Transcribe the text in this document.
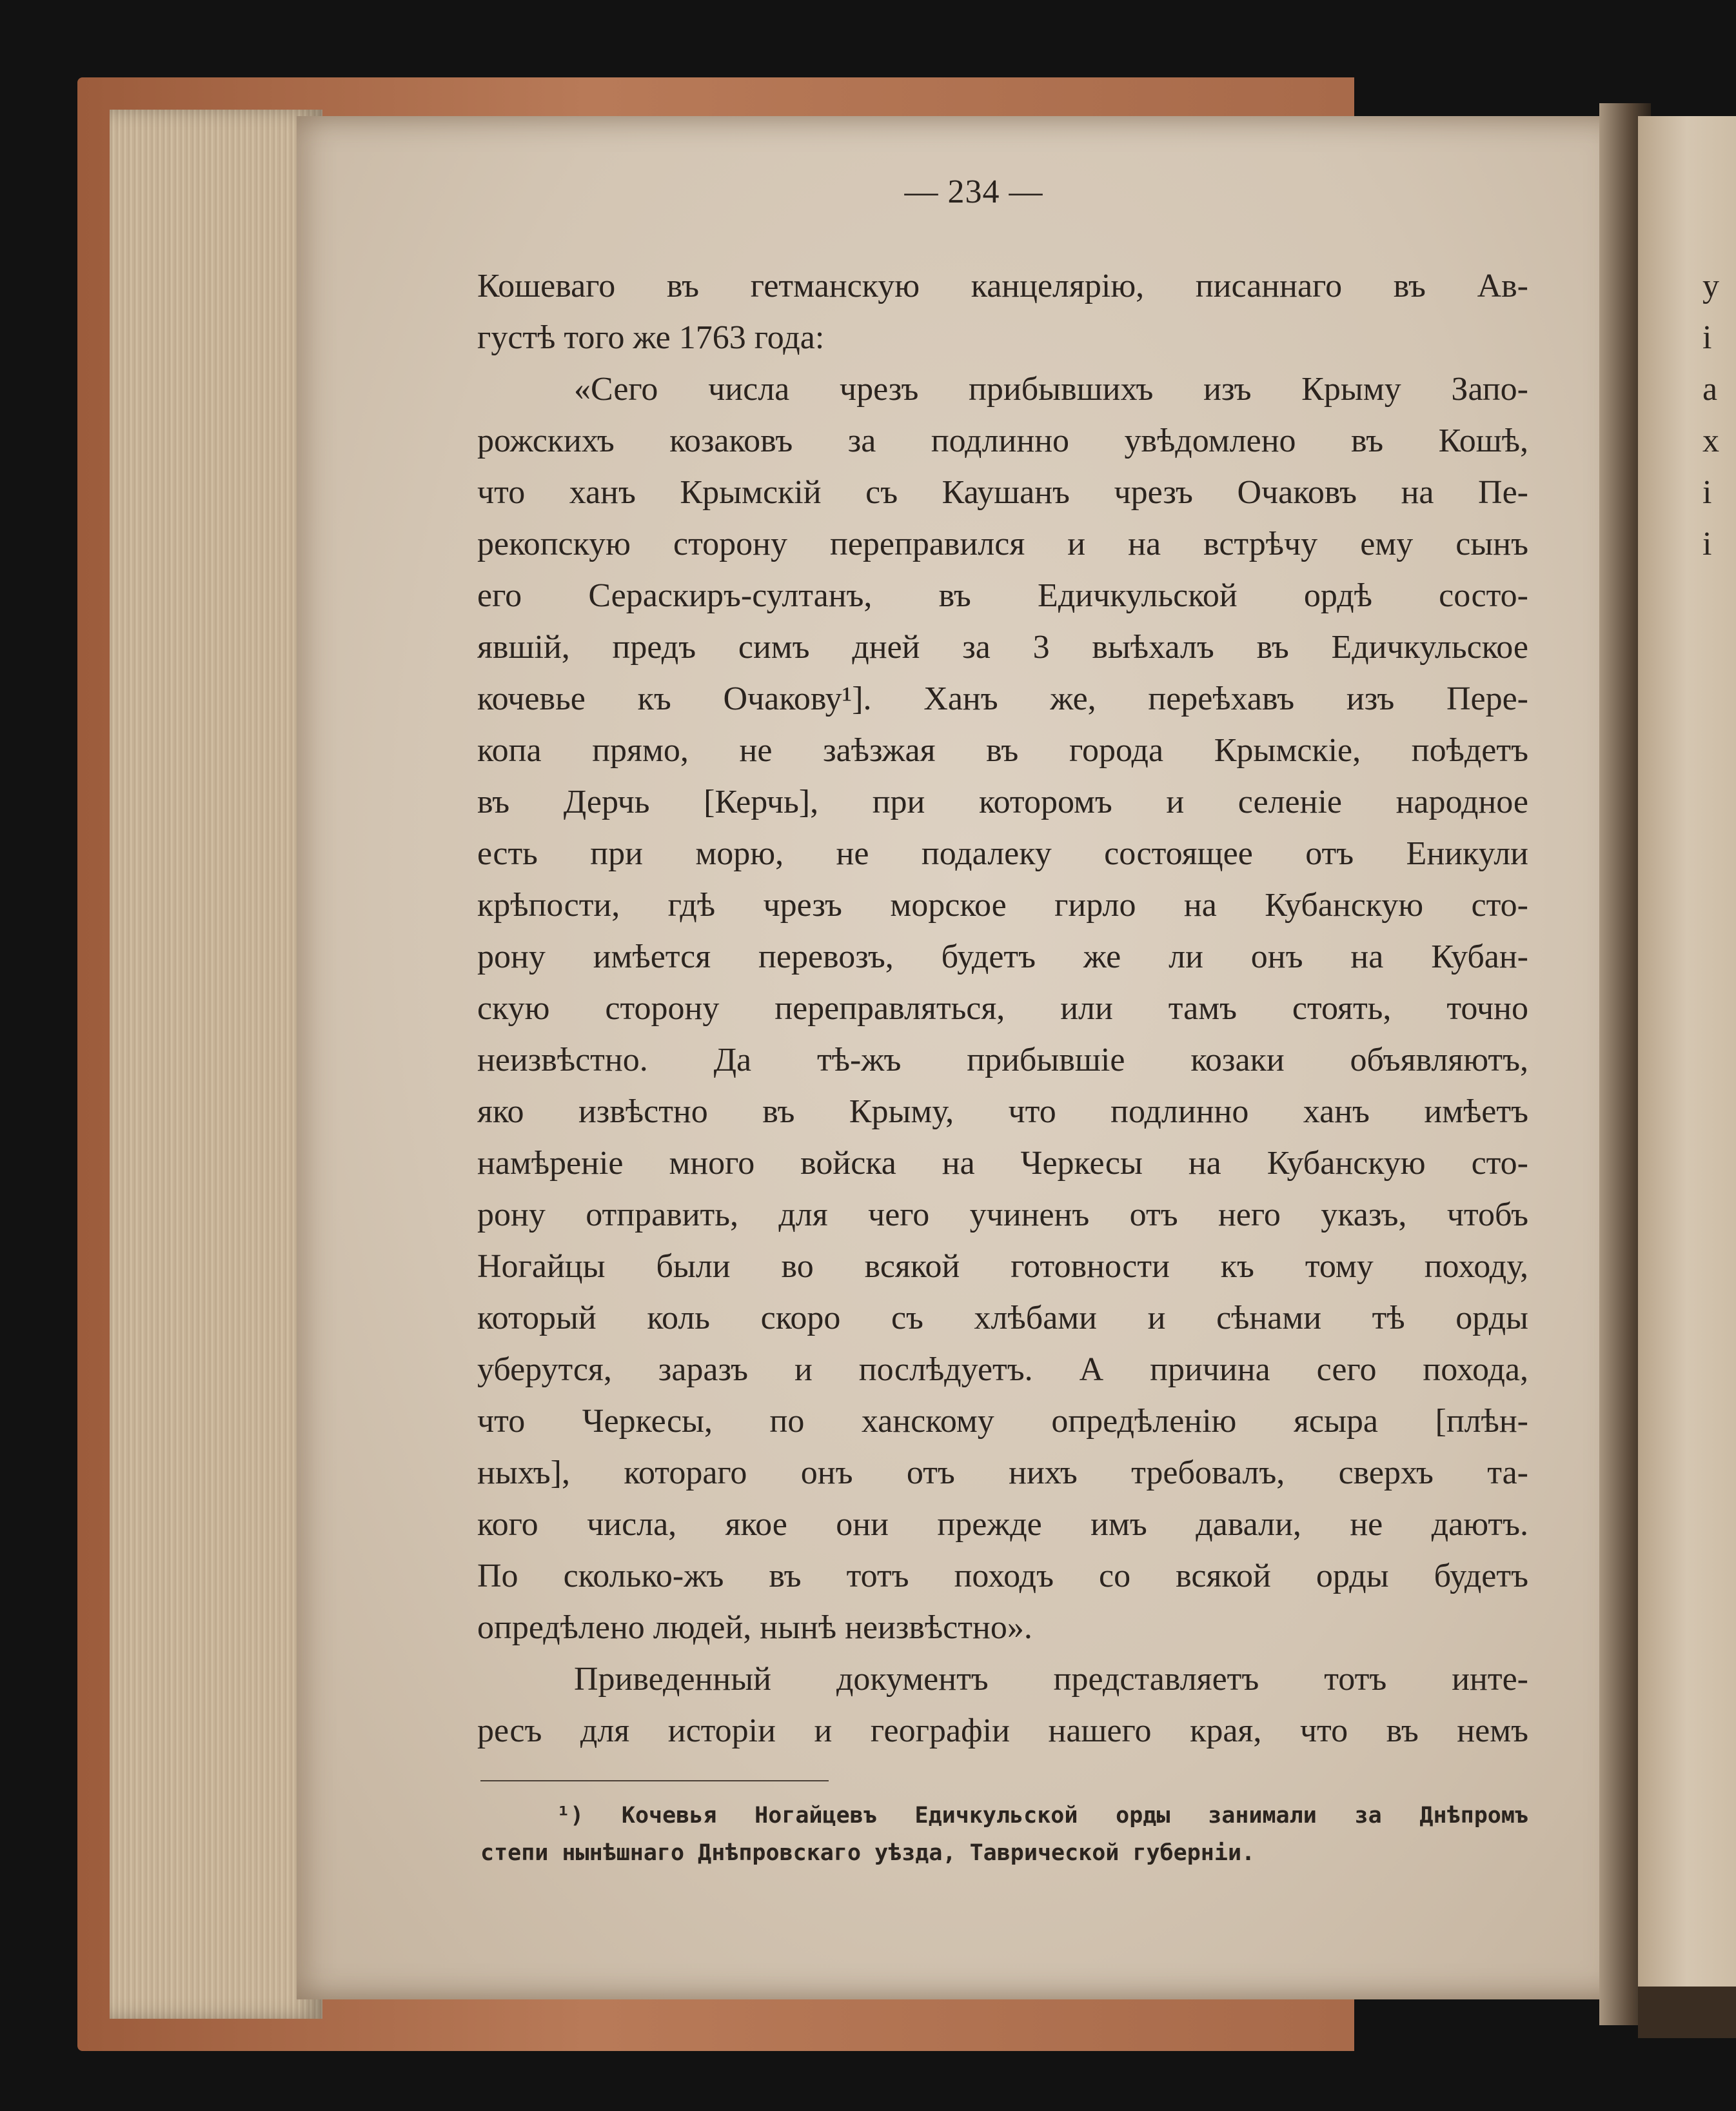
— 234 —
Кошеваго въ гетманскую канцелярію, писаннаго въ Ав-
густѣ того же 1763 года:
«Сего числа чрезъ прибывшихъ изъ Крыму Запо-
рожскихъ козаковъ за подлинно увѣдомлено въ Кошѣ,
что ханъ Крымскій съ Каушанъ чрезъ Очаковъ на Пе-
рекопскую сторону переправился и на встрѣчу ему сынъ
его Сераскиръ-султанъ, въ Едичкульской ордѣ состо-
явшій, предъ симъ дней за 3 выѣхалъ въ Едичкульское
кочевье къ Очакову¹]. Ханъ же, переѣхавъ изъ Пере-
копа прямо, не заѣзжая въ города Крымскіе, поѣдетъ
въ Дерчь [Керчь], при которомъ и селеніе народное
есть при морю, не подалеку состоящее отъ Еникули
крѣпости, гдѣ чрезъ морское гирло на Кубанскую сто-
рону имѣется перевозъ, будетъ же ли онъ на Кубан-
скую сторону переправляться, или тамъ стоять, точно
неизвѣстно. Да тѣ-жъ прибывшіе козаки объявляютъ,
яко извѣстно въ Крыму, что подлинно ханъ имѣетъ
намѣреніе много войска на Черкесы на Кубанскую сто-
рону отправить, для чего учиненъ отъ него указъ, чтобъ
Ногайцы были во всякой готовности къ тому походу,
который коль скоро съ хлѣбами и сѣнами тѣ орды
уберутся, заразъ и послѣдуетъ. А причина сего похода,
что Черкесы, по ханскому опредѣленію ясыра [плѣн-
ныхъ], котораго онъ отъ нихъ требовалъ, сверхъ та-
кого числа, якое они прежде имъ давали, не даютъ.
По сколько-жъ въ тотъ походъ со всякой орды будетъ
опредѣлено людей, нынѣ неизвѣстно».
Приведенный документъ представляетъ тотъ инте-
ресъ для исторіи и географіи нашего края, что въ немъ
¹) Кочевья Ногайцевъ Едичкульской орды занимали за Днѣпромъ
степи нынѣшнаго Днѣпровскаго уѣзда, Таврической губерніи.
у
і
а
х
і
і
